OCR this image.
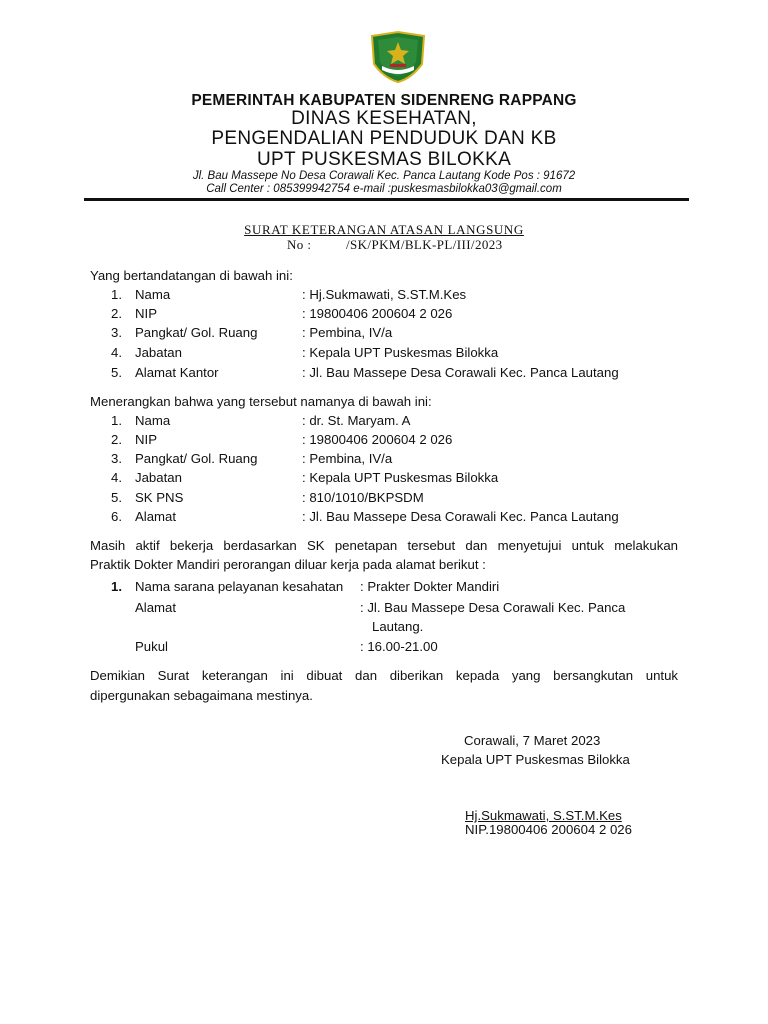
PEMERINTAH KABUPATEN SIDENRENG RAPPANG
DINAS KESEHATAN,
PENGENDALIAN PENDUDUK DAN KB
UPT PUSKESMAS BILOKKA
Jl. Bau Massepe No Desa Corawali Kec. Panca Lautang Kode Pos : 91672
Call Center : 085399942754 e-mail :puskesmasbilokka03@gmail.com
SURAT KETERANGAN ATASAN LANGSUNG
No :	/SK/PKM/BLK-PL/III/2023
Yang bertandatangan di bawah ini:
1. Nama	: Hj.Sukmawati, S.ST.M.Kes
2. NIP	: 19800406 200604 2 026
3. Pangkat/ Gol. Ruang	: Pembina, IV/a
4. Jabatan	: Kepala UPT Puskesmas Bilokka
5. Alamat Kantor	: Jl. Bau Massepe Desa Corawali Kec. Panca Lautang
Menerangkan bahwa yang tersebut namanya di bawah ini:
1. Nama	: dr. St. Maryam. A
2. NIP	: 19800406 200604 2 026
3. Pangkat/ Gol. Ruang	: Pembina, IV/a
4. Jabatan	: Kepala UPT Puskesmas Bilokka
5. SK PNS	: 810/1010/BKPSDM
6. Alamat	: Jl. Bau Massepe Desa Corawali Kec. Panca Lautang
Masih aktif bekerja berdasarkan SK penetapan tersebut dan menyetujui untuk melakukan
Praktik Dokter Mandiri perorangan diluar kerja pada alamat berikut :
1. Nama sarana pelayanan kesahatan : Prakter Dokter Mandiri
Alamat	: Jl. Bau Massepe Desa Corawali Kec. Panca
Lautang.
Pukul	: 16.00-21.00
Demikian Surat keterangan ini dibuat dan diberikan kepada yang bersangkutan untuk
dipergunakan sebagaimana mestinya.
Corawali, 7 Maret 2023
Kepala UPT Puskesmas Bilokka
Hj.Sukmawati, S.ST.M.Kes
NIP.19800406 200604 2 026
